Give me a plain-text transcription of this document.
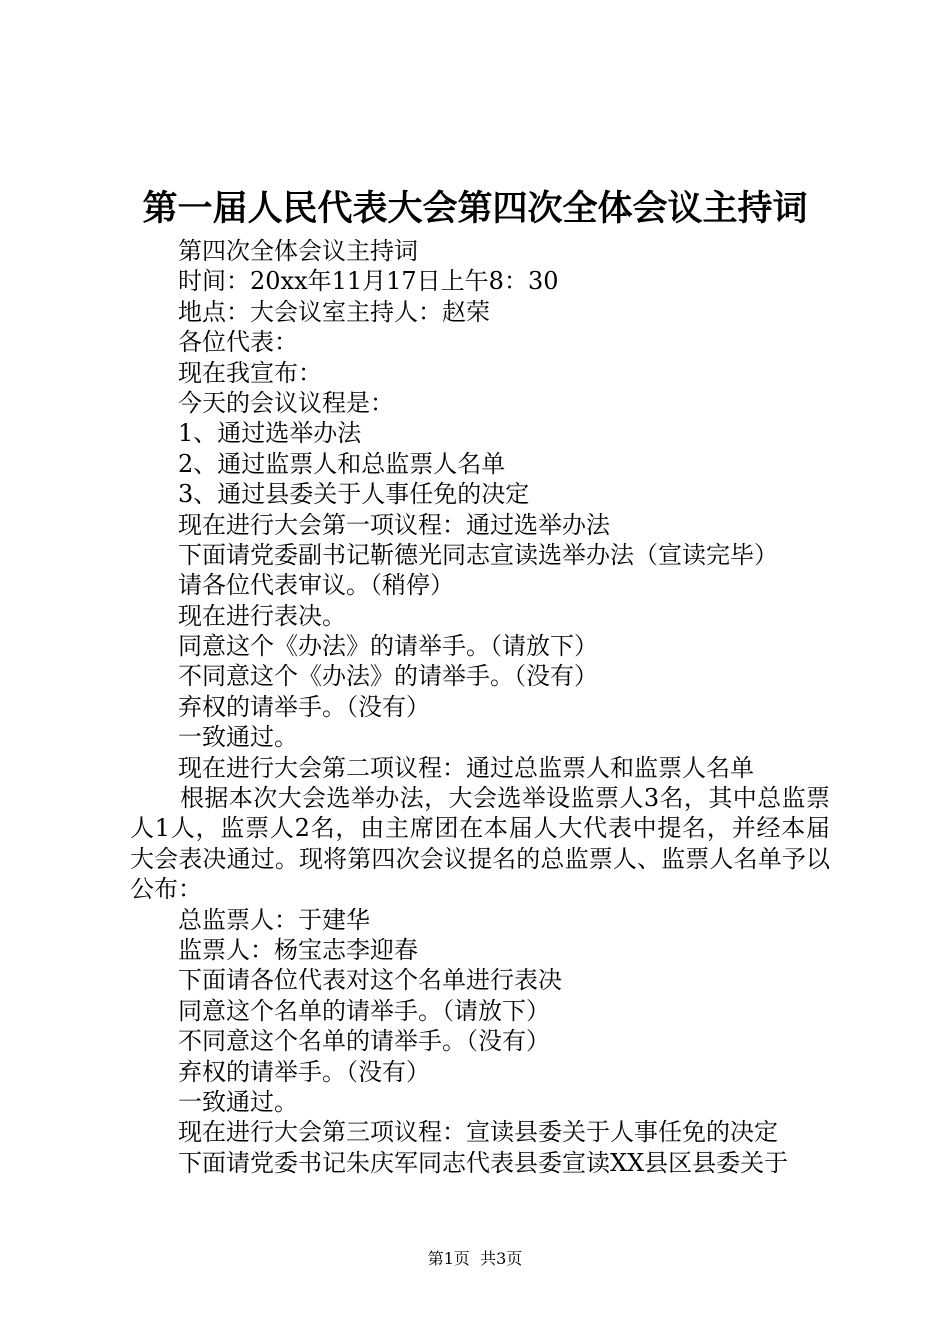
第一届人民代表大会第四次全体会议主持词
第四次全体会议主持词
时间：20xx年11月17日上午8：30
地点：大会议室主持人：赵荣
各位代表：
现在我宣布：
今天的会议议程是：
1、通过选举办法
2、通过监票人和总监票人名单
3、通过县委关于人事任免的决定
现在进行大会第一项议程：通过选举办法
下面请党委副书记靳德光同志宣读选举办法（宣读完毕）
请各位代表审议。（稍停）
现在进行表决。
同意这个《办法》的请举手。（请放下）
不同意这个《办法》的请举手。（没有）
弃权的请举手。（没有）
一致通过。
现在进行大会第二项议程：通过总监票人和监票人名单
根据本次大会选举办法，大会选举设监票人3名，其中总监票人1人，监票人2名，由主席团在本届人大代表中提名，并经本届大会表决通过。现将第四次会议提名的总监票人、监票人名单予以公布：
总监票人：于建华
监票人：杨宝志李迎春
下面请各位代表对这个名单进行表决
同意这个名单的请举手。（请放下）
不同意这个名单的请举手。（没有）
弃权的请举手。（没有）
一致通过。
现在进行大会第三项议程：宣读县委关于人事任免的决定
下面请党委书记朱庆军同志代表县委宣读XX县区县委关于
第1页 共3页
